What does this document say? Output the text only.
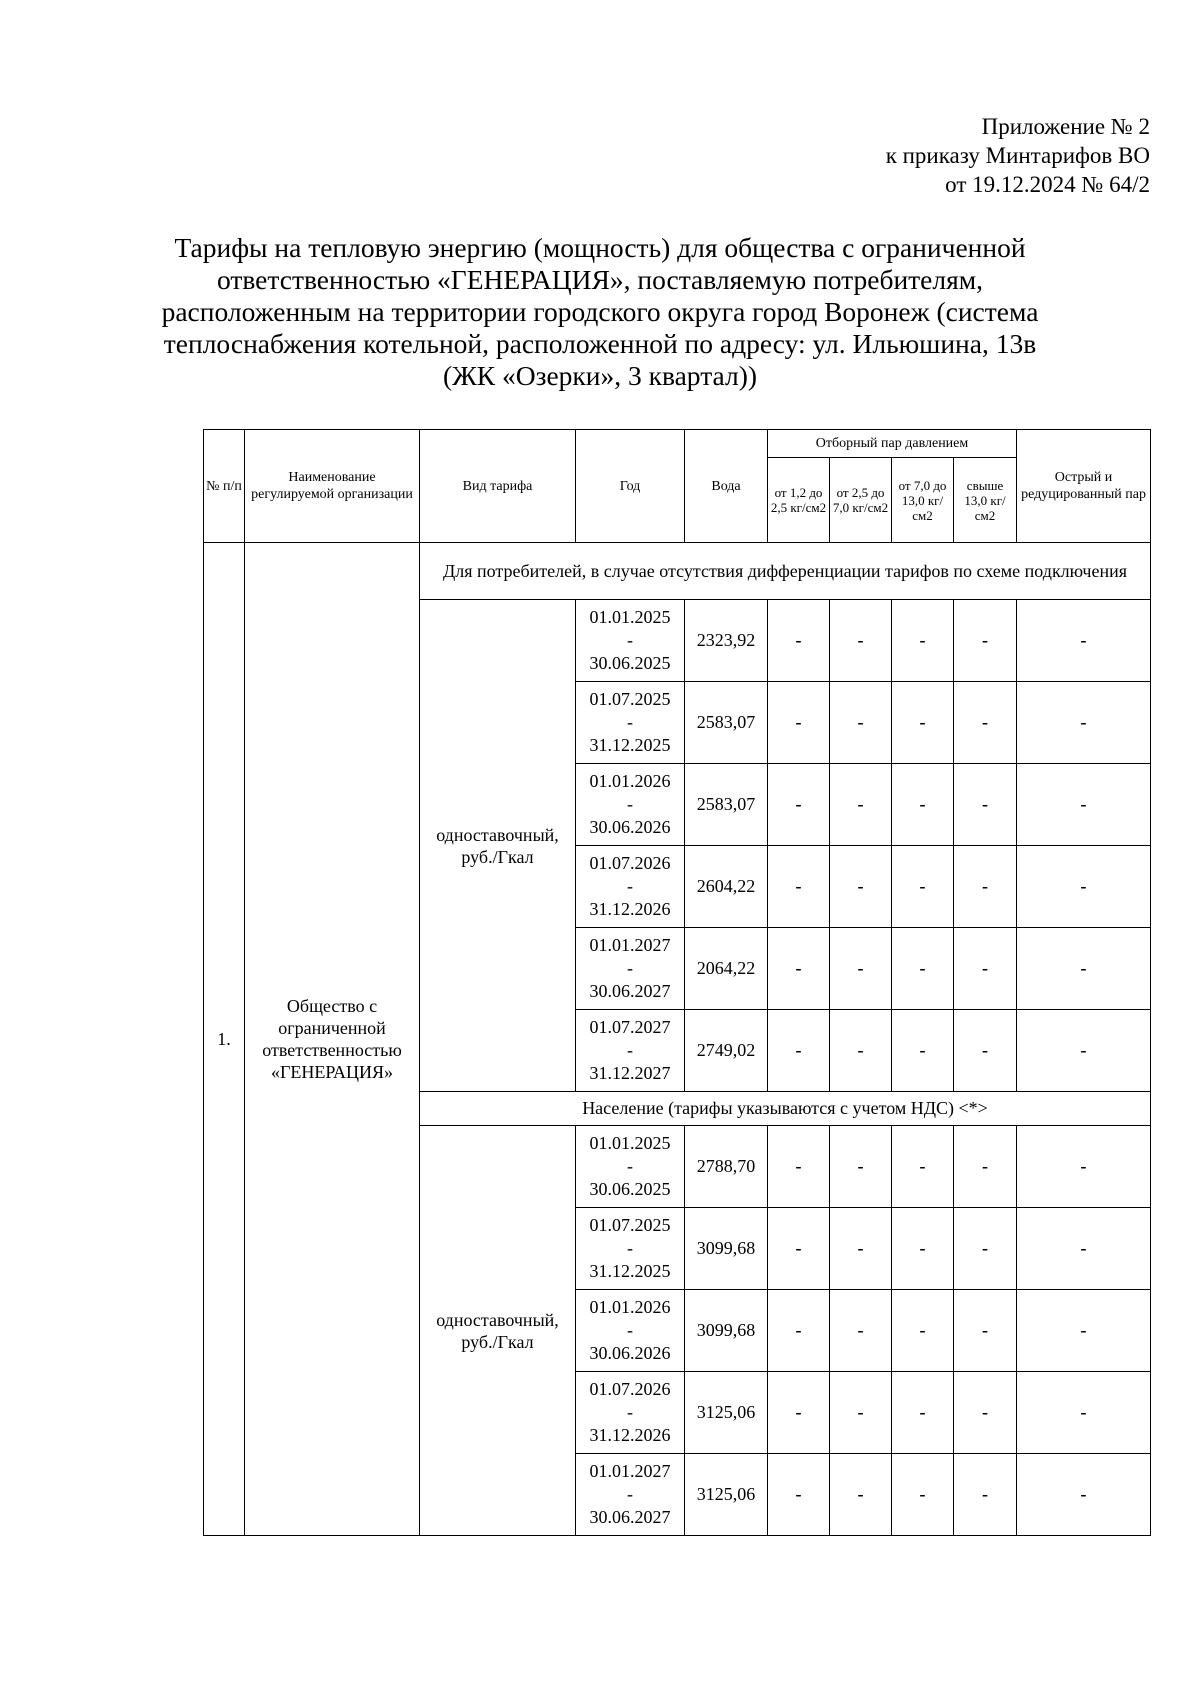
Приложение № 2
к приказу Минтарифов ВО
от 19.12.2024 № 64/2
Тарифы на тепловую энергию (мощность) для общества с ограниченной
ответственностью «ГЕНЕРАЦИЯ», поставляемую потребителям,
расположенным на территории городского округа город Воронеж (система
теплоснабжения котельной, расположенной по адресу: ул. Ильюшина, 13в
(ЖК «Озерки», 3 квартал))
№ п/п	Наименование регулируемой организации	Вид тарифа	Год	Вода	Отборный пар давлением				Острый и редуцированный пар
					от 1,2 до 2,5 кг/см2	от 2,5 до 7,0 кг/см2	от 7,0 до 13,0 кг/см2	свыше 13,0 кг/см2	
1.	Общество с ограниченной ответственностью «ГЕНЕРАЦИЯ»	Для потребителей, в случае отсутствия дифференциации тарифов по схеме подключения							
		одноставочный, руб./Гкал	01.01.2025
-
30.06.2025	2323,92	-	-	-	-	-

			01.07.2025
-
31.12.2025	2583,07	-	-	-	-	-

			01.01.2026
-
30.06.2026	2583,07	-	-	-	-	-

			01.07.2026
-
31.12.2026	2604,22	-	-	-	-	-

			01.01.2027
-
30.06.2027	2064,22	-	-	-	-	-

			01.07.2027
-
31.12.2027	2749,02	-	-	-	-	-
		Население (тарифы указываются с учетом НДС) <*>							
		одноставочный, руб./Гкал	01.01.2025
-
30.06.2025	2788,70	-	-	-	-	-

			01.07.2025
-
31.12.2025	3099,68	-	-	-	-	-

			01.01.2026
-
30.06.2026	3099,68	-	-	-	-	-

			01.07.2026
-
31.12.2026	3125,06	-	-	-	-	-

			01.01.2027
-
30.06.2027	3125,06	-	-	-	-	-
